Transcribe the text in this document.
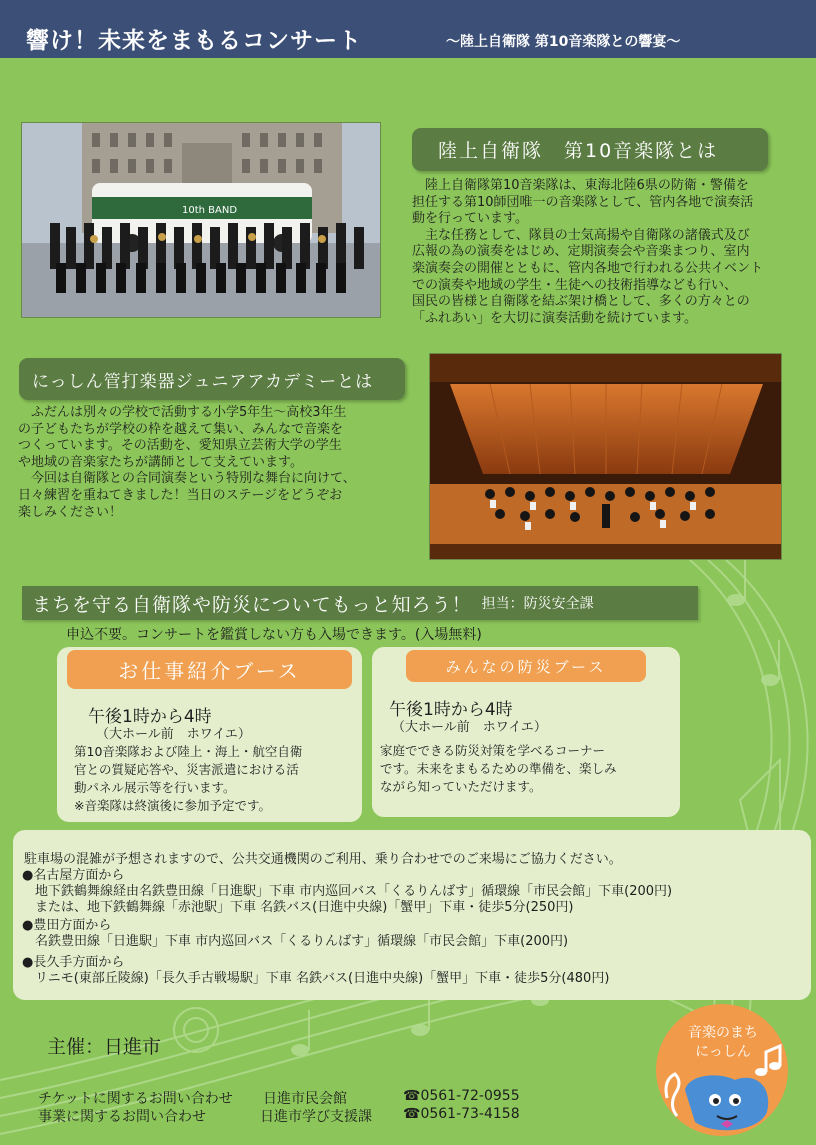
響け！未来をまもるコンサート	～陸上自衛隊 第10音楽隊との響宴～
10th BAND
陸上自衛隊　第10音楽隊とは

　陸上自衛隊第10音楽隊は、東海北陸6県の防衛・警備を

担任する第10師団唯一の音楽隊として、管内各地で演奏活

動を行っています。

　主な任務として、隊員の士気高揚や自衛隊の諸儀式及び

広報の為の演奏をはじめ、定期演奏会や音楽まつり、室内

楽演奏会の開催とともに、管内各地で行われる公共イベント

での演奏や地域の学生・生徒への技術指導なども行い、

国民の皆様と自衛隊を結ぶ架け橋として、多くの方々との

「ふれあい」を大切に演奏活動を続けています。

にっしん管打楽器ジュニアアカデミーとは

　ふだんは別々の学校で活動する小学5年生～高校3年生

の子どもたちが学校の枠を越えて集い、みんなで音楽を

つくっています。その活動を、愛知県立芸術大学の学生

や地域の音楽家たちが講師として支えています。

　今回は自衛隊との合同演奏という特別な舞台に向けて、

日々練習を重ねてきました！当日のステージをどうぞお

楽しみください！

まちを守る自衛隊や防災についてもっと知ろう！ 担当：防災安全課
申込不要。コンサートを鑑賞しない方も入場できます。(入場無料)
お仕事紹介ブース
午後1時から4時
（大ホール前　ホワイエ）

第10音楽隊および陸上・海上・航空自衛

官との質疑応答や、災害派遣における活

動パネル展示等を行います。

※音楽隊は終演後に参加予定です。

みんなの防災ブース
午後1時から4時
（大ホール前　ホワイエ）

家庭でできる防災対策を学べるコーナー

です。未来をまもるための準備を、楽しみ

ながら知っていただけます。

駐車場の混雑が予想されますので、公共交通機関のご利用、乗り合わせでのご来場にご協力ください。
●名古屋方面から
　地下鉄鶴舞線経由名鉄豊田線「日進駅」下車 市内巡回バス「くるりんばす」循環線「市民会館」下車(200円)
　または、地下鉄鶴舞線「赤池駅」下車 名鉄バス(日進中央線)「蟹甲」下車・徒歩5分(250円)
●豊田方面から
　名鉄豊田線「日進駅」下車 市内巡回バス「くるりんばす」循環線「市民会館」下車(200円)
●長久手方面から
　リニモ(東部丘陵線)「長久手古戦場駅」下車 名鉄バス(日進中央線)「蟹甲」下車・徒歩5分(480円)
主催：日進市
チケットに関するお問い合わせ 日進市民会館	☎0561-72-0955
事業に関するお問い合わせ	日進市学び支援課 ☎0561-73-4158
音楽のまち
にっしん
